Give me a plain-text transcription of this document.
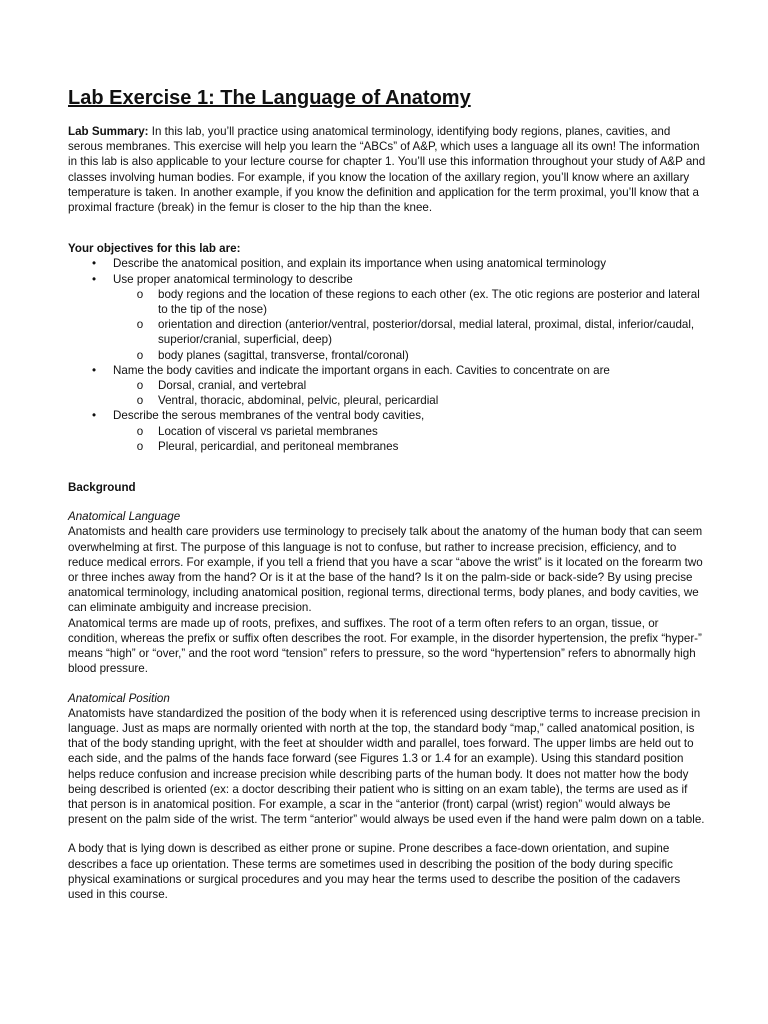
Lab Exercise 1: The Language of Anatomy

Lab Summary: In this lab, you’ll practice using anatomical terminology, identifying body regions, planes, cavities, and serous membranes. This exercise will help you learn the “ABCs” of A&P, which uses a language all its own! The information in this lab is also applicable to your lecture course for chapter 1. You’ll use this information throughout your study of A&P and classes involving human bodies. For example, if you know the location of the axillary region, you’ll know where an axillary temperature is taken. In another example, if you know the definition and application for the term proximal, you’ll know that a proximal fracture (break) in the femur is closer to the hip than the knee.

Your objectives for this lab are:

• Describe the anatomical position, and explain its importance when using anatomical terminology
• Use proper anatomical terminology to describe
o body regions and the location of these regions to each other (ex. The otic regions are posterior and lateral to the tip of the nose)
o orientation and direction (anterior/ventral, posterior/dorsal, medial lateral, proximal, distal, inferior/caudal, superior/cranial, superficial, deep)
o body planes (sagittal, transverse, frontal/coronal)
• Name the body cavities and indicate the important organs in each. Cavities to concentrate on are
o Dorsal, cranial, and vertebral
o Ventral, thoracic, abdominal, pelvic, pleural, pericardial
• Describe the serous membranes of the ventral body cavities,
o Location of visceral vs parietal membranes
o Pleural, pericardial, and peritoneal membranes

Background

Anatomical Language

Anatomists and health care providers use terminology to precisely talk about the anatomy of the human body that can seem overwhelming at first. The purpose of this language is not to confuse, but rather to increase precision, efficiency, and to reduce medical errors. For example, if you tell a friend that you have a scar “above the wrist” is it located on the forearm two or three inches away from the hand? Or is it at the base of the hand? Is it on the palm-side or back-side? By using precise anatomical terminology, including anatomical position, regional terms, directional terms, body planes, and body cavities, we can eliminate ambiguity and increase precision.

Anatomical terms are made up of roots, prefixes, and suffixes. The root of a term often refers to an organ, tissue, or condition, whereas the prefix or suffix often describes the root. For example, in the disorder hypertension, the prefix “hyper-” means “high” or “over,” and the root word “tension” refers to pressure, so the word “hypertension” refers to abnormally high blood pressure.

Anatomical Position

Anatomists have standardized the position of the body when it is referenced using descriptive terms to increase precision in language. Just as maps are normally oriented with north at the top, the standard body “map,” called anatomical position, is that of the body standing upright, with the feet at shoulder width and parallel, toes forward. The upper limbs are held out to each side, and the palms of the hands face forward (see Figures 1.3 or 1.4 for an example). Using this standard position helps reduce confusion and increase precision while describing parts of the human body. It does not matter how the body being described is oriented (ex: a doctor describing their patient who is sitting on an exam table), the terms are used as if that person is in anatomical position. For example, a scar in the “anterior (front) carpal (wrist) region” would always be present on the palm side of the wrist. The term “anterior” would always be used even if the hand were palm down on a table.

A body that is lying down is described as either prone or supine. Prone describes a face-down orientation, and supine describes a face up orientation. These terms are sometimes used in describing the position of the body during specific physical examinations or surgical procedures and you may hear the terms used to describe the position of the cadavers used in this course.
